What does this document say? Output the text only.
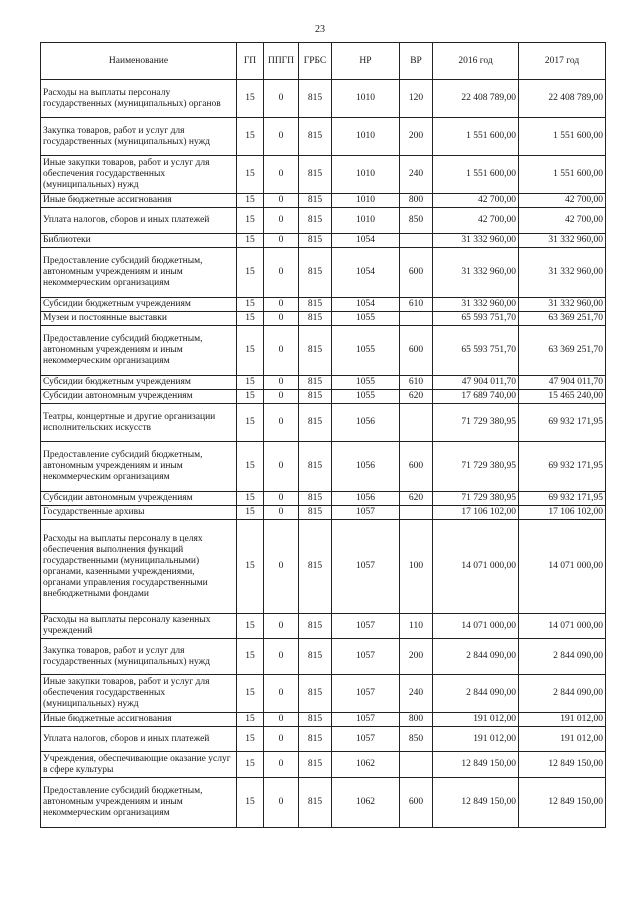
23
Наименование	ГП	ППГП	ГРБС	НР	ВР	2016 год	2017 год
Расходы на выплаты персоналу государственных (муниципальных) органов	15	0	815	1010	120	22 408 789,00	22 408 789,00
Закупка товаров, работ и услуг для государственных (муниципальных) нужд	15	0	815	1010	200	1 551 600,00	1 551 600,00
Иные закупки товаров, работ и услуг для обеспечения государственных (муниципальных) нужд	15	0	815	1010	240	1 551 600,00	1 551 600,00
Иные бюджетные ассигнования	15	0	815	1010	800	42 700,00	42 700,00
Уплата налогов, сборов и иных платежей	15	0	815	1010	850	42 700,00	42 700,00
Библиотеки	15	0	815	1054		31 332 960,00	31 332 960,00
Предоставление субсидий бюджетным, автономным учреждениям и иным некоммерческим организациям	15	0	815	1054	600	31 332 960,00	31 332 960,00
Субсидии бюджетным учреждениям	15	0	815	1054	610	31 332 960,00	31 332 960,00
Музеи и постоянные выставки	15	0	815	1055		65 593 751,70	63 369 251,70
Предоставление субсидий бюджетным, автономным учреждениям и иным некоммерческим организациям	15	0	815	1055	600	65 593 751,70	63 369 251,70
Субсидии бюджетным учреждениям	15	0	815	1055	610	47 904 011,70	47 904 011,70
Субсидии автономным учреждениям	15	0	815	1055	620	17 689 740,00	15 465 240,00
Театры, концертные и другие организации исполнительских искусств	15	0	815	1056		71 729 380,95	69 932 171,95
Предоставление субсидий бюджетным, автономным учреждениям и иным некоммерческим организациям	15	0	815	1056	600	71 729 380,95	69 932 171,95
Субсидии автономным учреждениям	15	0	815	1056	620	71 729 380,95	69 932 171,95
Государственные архивы	15	0	815	1057		17 106 102,00	17 106 102,00
Расходы на выплаты персоналу в целях обеспечения выполнения функций государственными (муниципальными) органами, казенными учреждениями, органами управления государственными внебюджетными фондами	15	0	815	1057	100	14 071 000,00	14 071 000,00
Расходы на выплаты персоналу казенных учреждений	15	0	815	1057	110	14 071 000,00	14 071 000,00
Закупка товаров, работ и услуг для государственных (муниципальных) нужд	15	0	815	1057	200	2 844 090,00	2 844 090,00
Иные закупки товаров, работ и услуг для обеспечения государственных (муниципальных) нужд	15	0	815	1057	240	2 844 090,00	2 844 090,00
Иные бюджетные ассигнования	15	0	815	1057	800	191 012,00	191 012,00
Уплата налогов, сборов и иных платежей	15	0	815	1057	850	191 012,00	191 012,00
Учреждения, обеспечивающие оказание услуг в сфере культуры	15	0	815	1062		12 849 150,00	12 849 150,00
Предоставление субсидий бюджетным, автономным учреждениям и иным некоммерческим организациям	15	0	815	1062	600	12 849 150,00	12 849 150,00
